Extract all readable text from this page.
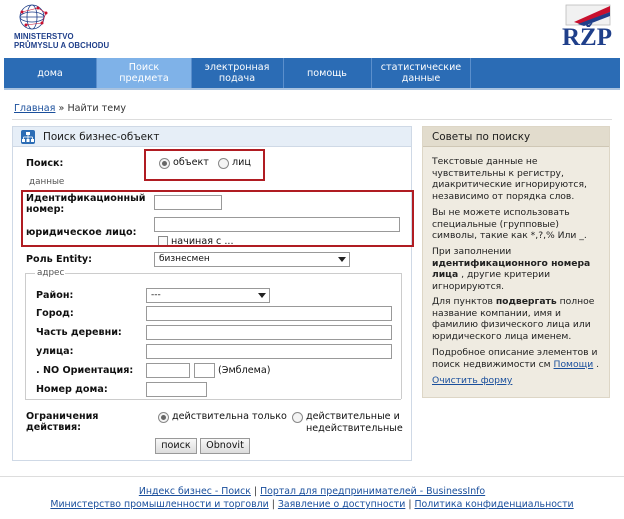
MINISTERSTVO
PRŮMYSLU A OBCHODU	RŽP
дома	Поиск предмета
электронная подача	помощь	статистические данные
Главная » Найти тему
Поиск бизнес-объект
Поиск:	объект лиц
данные
Идентификационный номер:
юридическое лицо:
начиная с ...
Роль Entity:	бизнесмен
адрес
Район:	---
Город:
Часть деревни:
улица:
. NO Ориентация:	(Эмблема)
Номер дома:
Ограничения действия:
действительна только действительные и недействительные
поиск	Obnovit
Советы по поиску
Текстовые данные не чувствительны к регистру, диакритические игнорируются, независимо от порядка слов.
Вы не можете использовать специальные (групповые) символы, такие как *,?,% Или _.
При заполнении идентификационного номера лица , другие критерии игнорируются.
Для пунктов подвергать полное название компании, имя и фамилию физического лица или юридического лица именем.
Подробное описание элементов и поиск недвижимости см Помощи .
Очистить форму
Индекс бизнес - Поиск | Портал для предпринимателей - BusinessInfo
Министерство промышленности и торговли | Заявление о доступности | Политика конфиденциальности
